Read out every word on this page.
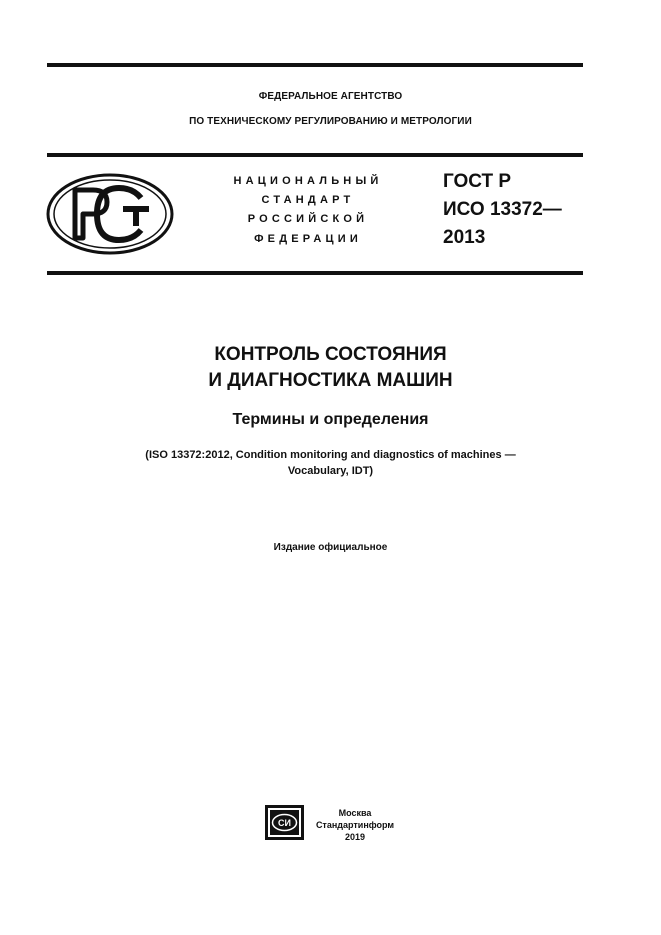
ФЕДЕРАЛЬНОЕ АГЕНТСТВО
ПО ТЕХНИЧЕСКОМУ РЕГУЛИРОВАНИЮ И МЕТРОЛОГИИ
НАЦИОНАЛЬНЫЙ
СТАНДАРТ
РОССИЙСКОЙ
ФЕДЕРАЦИИ
ГОСТ Р
ИСО 13372—
2013
КОНТРОЛЬ СОСТОЯНИЯ
И ДИАГНОСТИКА МАШИН
Термины и определения
(ISO 13372:2012, Condition monitoring and diagnostics of machines —
Vocabulary, IDT)
Издание официальное
СИ
Москва
Стандартинформ
2019
